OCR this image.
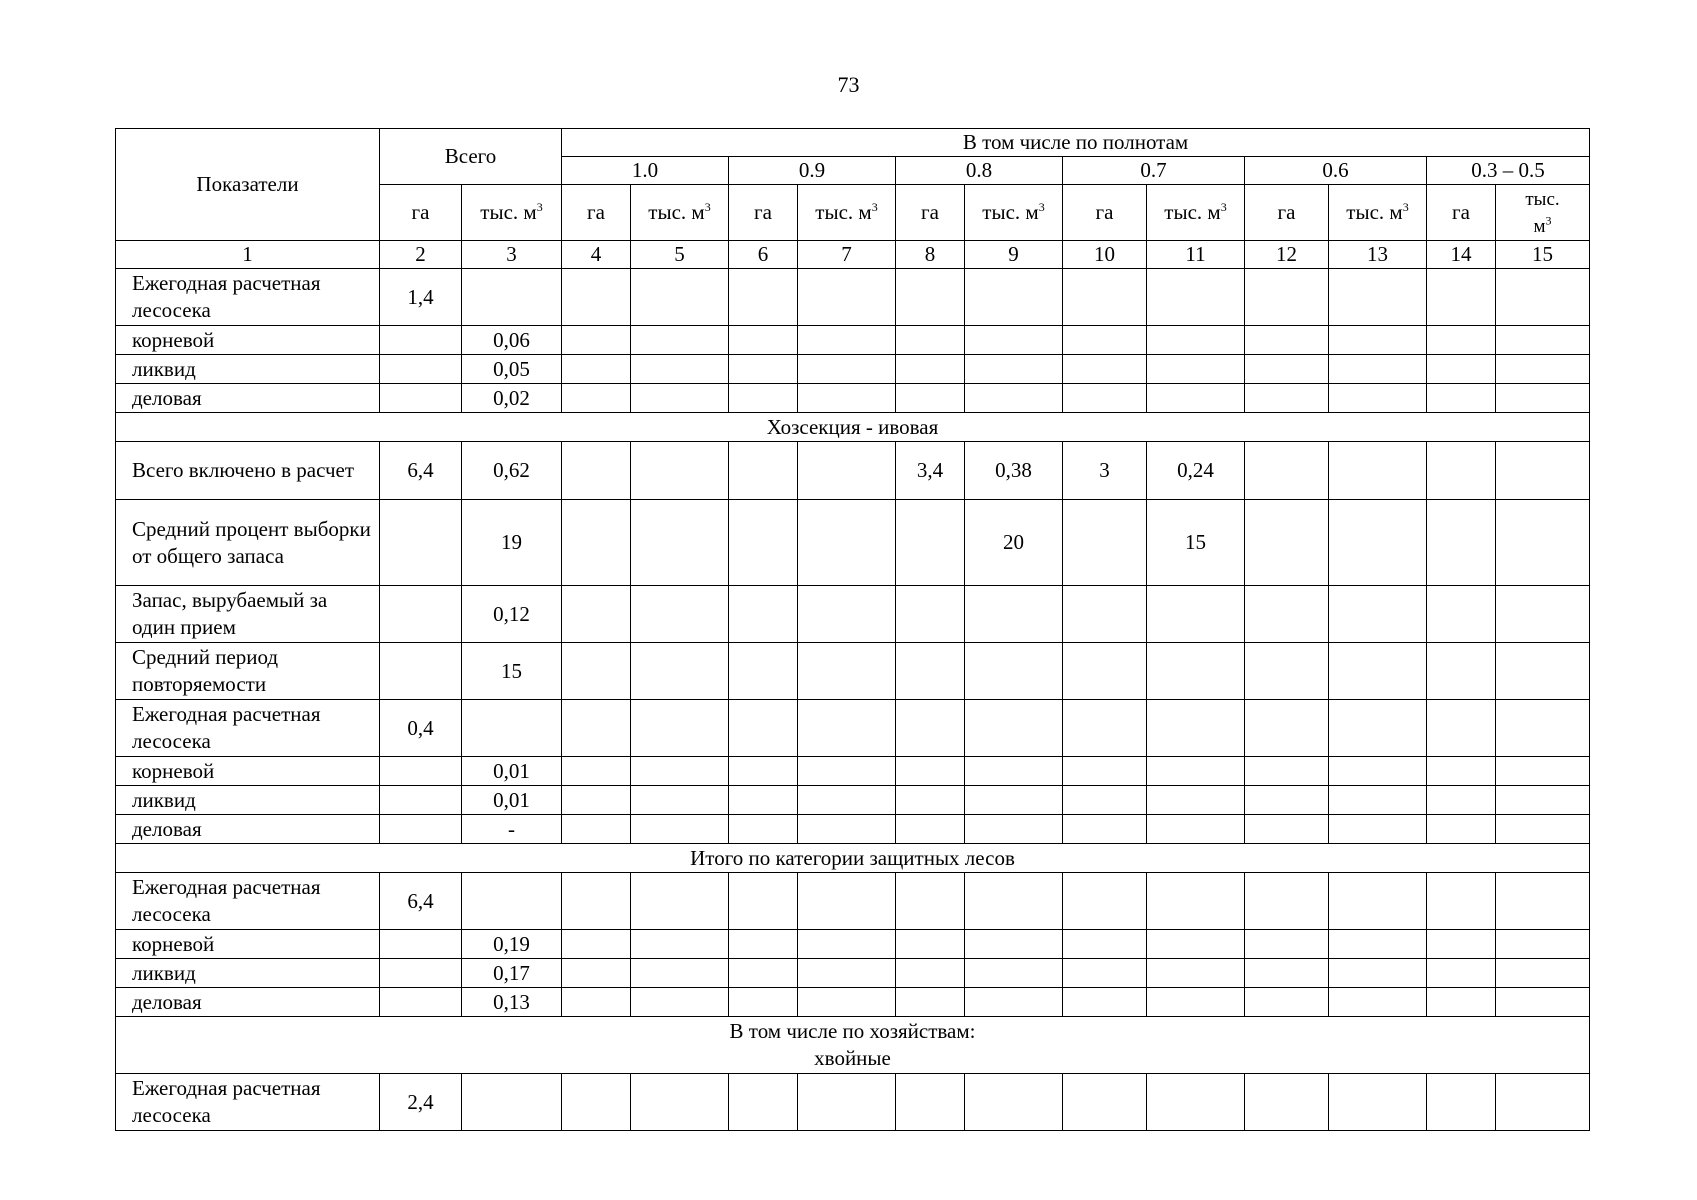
73
Показатели	Всего		В том числе по полнотам											
			1.0		0.9		0.8		0.7		0.6		0.3 – 0.5	
	га	тыс. $м^3$	га	тыс. $м^3$	га	тыс. $м^3$	га	тыс. $м^3$	га	тыс. $м^3$	га	тыс. $м^3$	га	тыс.
$м^3$
1	2	3	4	5	6	7	8	9	10	11	12	13	14	15
Ежегодная расчетная лесосека	1,4													
корневой		0,06												
ликвид		0,05												
деловая		0,02												
Хозсекция - ивовая														
Всего включено в расчет	6,4	0,62					3,4	0,38	3	0,24				
Средний процент выборки от общего запаса		19						20		15				
Запас, вырубаемый за один прием		0,12												
Средний период повторяемости		15												
Ежегодная расчетная лесосека	0,4													
корневой		0,01												
ликвид		0,01												
деловая		-												
Итого по категории защитных лесов														
Ежегодная расчетная лесосека	6,4													
корневой		0,19												
ликвид		0,17												
деловая		0,13												
В том числе по хозяйствам:
хвойные														
Ежегодная расчетная лесосека	2,4													
